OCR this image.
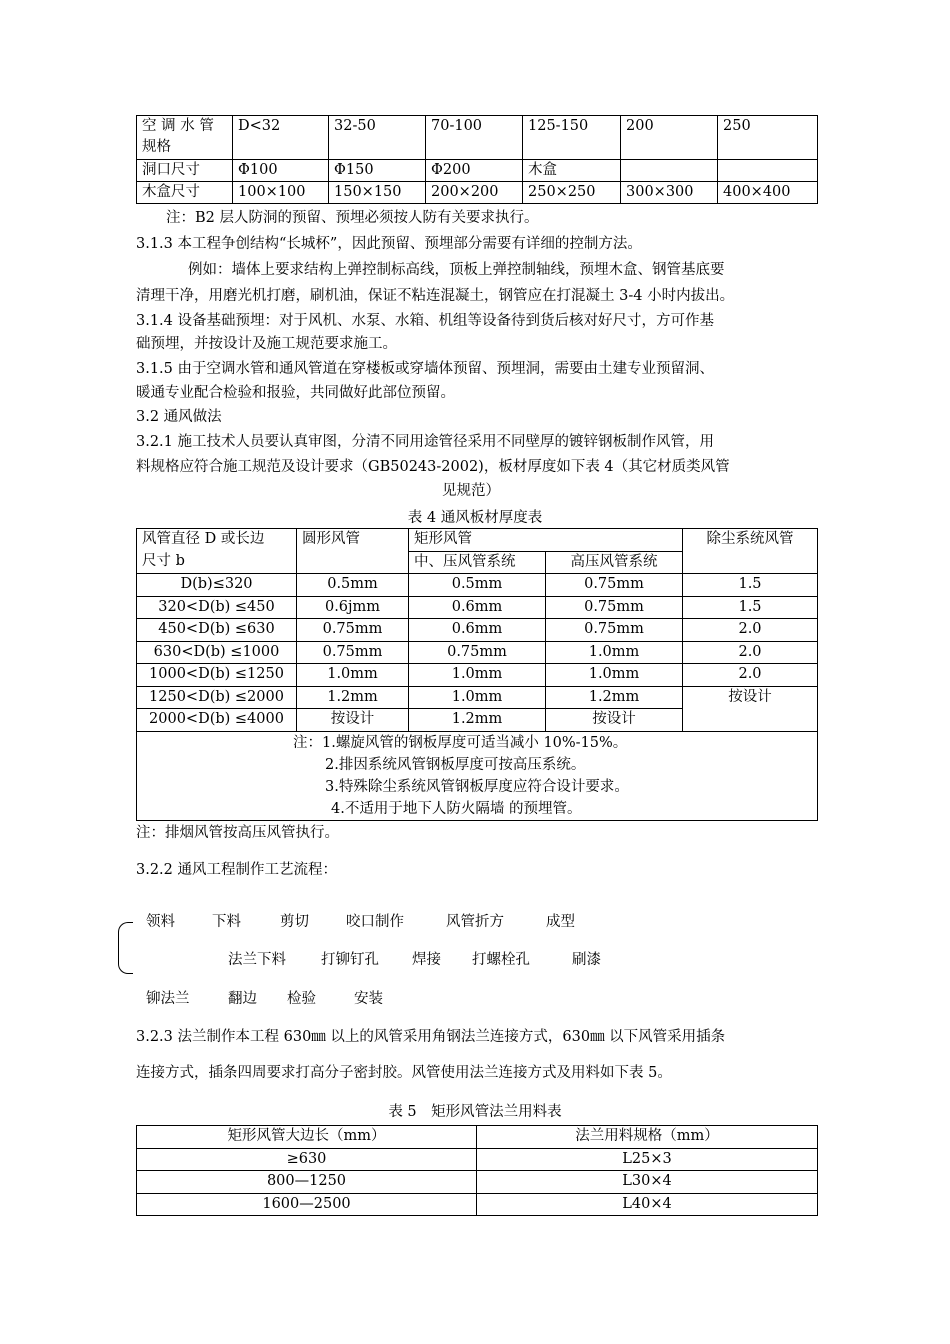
空 调 水 管
规格	D<32	32-50	70-100	125-150	200	250
洞口尺寸	Φ100	Φ150	Φ200	木盒		
木盒尺寸	100×100	150×150	200×200	250×250	300×300	400×400

注：B2 层人防洞的预留、预埋必须按人防有关要求执行。

3.1.3 本工程争创结构“长城杯”，因此预留、预埋部分需要有详细的控制方法。

例如：墙体上要求结构上弹控制标高线，顶板上弹控制轴线，预埋木盒、钢管基底要

清理干净，用磨光机打磨，刷机油，保证不粘连混凝土，钢管应在打混凝土 3-4 小时内拔出。

3.1.4 设备基础预埋：对于风机、水泵、水箱、机组等设备待到货后核对好尺寸，方可作基

础预埋，并按设计及施工规范要求施工。

3.1.5 由于空调水管和通风管道在穿楼板或穿墙体预留、预埋洞，需要由土建专业预留洞、

暖通专业配合检验和报验，共同做好此部位预留。

3.2 通风做法

3.2.1 施工技术人员要认真审图，分清不同用途管径采用不同壁厚的镀锌钢板制作风管，用

料规格应符合施工规范及设计要求（GB50243-2002)，板材厚度如下表 4（其它材质类风管

见规范）

表 4 通风板材厚度表

风管直径 D 或长边
尺寸 b	圆形风管	矩形风管		除尘系统风管
		中、压风管系统	高压风管系统	
D(b)≤320	0.5mm	0.5mm	0.75mm	1.5
320<D(b) ≤450	0.6jmm	0.6mm	0.75mm	1.5
450<D(b) ≤630	0.75mm	0.6mm	0.75mm	2.0
630<D(b) ≤1000	0.75mm	0.75mm	1.0mm	2.0
1000<D(b) ≤1250	1.0mm	1.0mm	1.0mm	2.0
1250<D(b) ≤2000	1.2mm	1.0mm	1.2mm	按设计
2000<D(b) ≤4000	按设计	1.2mm	按设计	

注：1.螺旋风管的钢板厚度可适当减小 10%-15%。
2.排因系统风管钢板厚度可按高压系统。
3.特殊除尘系统风管钢板厚度应符合设计要求。
4.不适用于地下人防火隔墙 的预埋管。				

注：排烟风管按高压风管执行。

3.2.2 通风工程制作工艺流程：

领料	下料	剪切	咬口制作	风管折方	成型
法兰下料 打铆钉孔 焊接 打螺栓孔	刷漆
铆法兰	翻边 检验	安装

3.2.3 法兰制作本工程 630㎜ 以上的风管采用角钢法兰连接方式，630㎜ 以下风管采用插条

连接方式，插条四周要求打高分子密封胶。风管使用法兰连接方式及用料如下表 5。

表 5　矩形风管法兰用料表

矩形风管大边长（mm）	法兰用料规格（mm）
≥630	L25×3
800—1250	L30×4
1600—2500	L40×4
